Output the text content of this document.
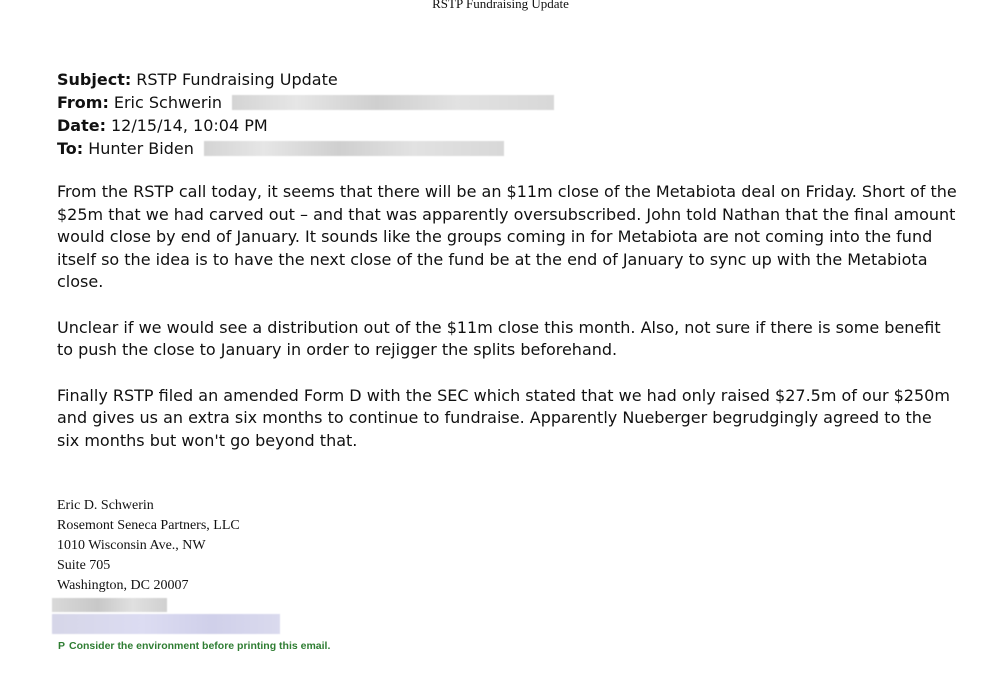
RSTP Fundraising Update
Subject: RSTP Fundraising Update
From: Eric Schwerin
Date: 12/15/14, 10:04 PM
To: Hunter Biden

From the RSTP call today, it seems that there will be an $11m close of the Metabiota deal on Friday. Short of the $25m that we had carved out – and that was apparently oversubscribed. John told Nathan that the final amount would close by end of January. It sounds like the groups coming in for Metabiota are not coming into the fund itself so the idea is to have the next close of the fund be at the end of January to sync up with the Metabiota close.

Unclear if we would see a distribution out of the $11m close this month. Also, not sure if there is some benefit to push the close to January in order to rejigger the splits beforehand.

Finally RSTP filed an amended Form D with the SEC which stated that we had only raised $27.5m of our $250m and gives us an extra six months to continue to fundraise. Apparently Nueberger begrudgingly agreed to the six months but won't go beyond that.

Eric D. Schwerin
Rosemont Seneca Partners, LLC
1010 Wisconsin Ave., NW
Suite 705
Washington, DC 20007
P Consider the environment before printing this email.
